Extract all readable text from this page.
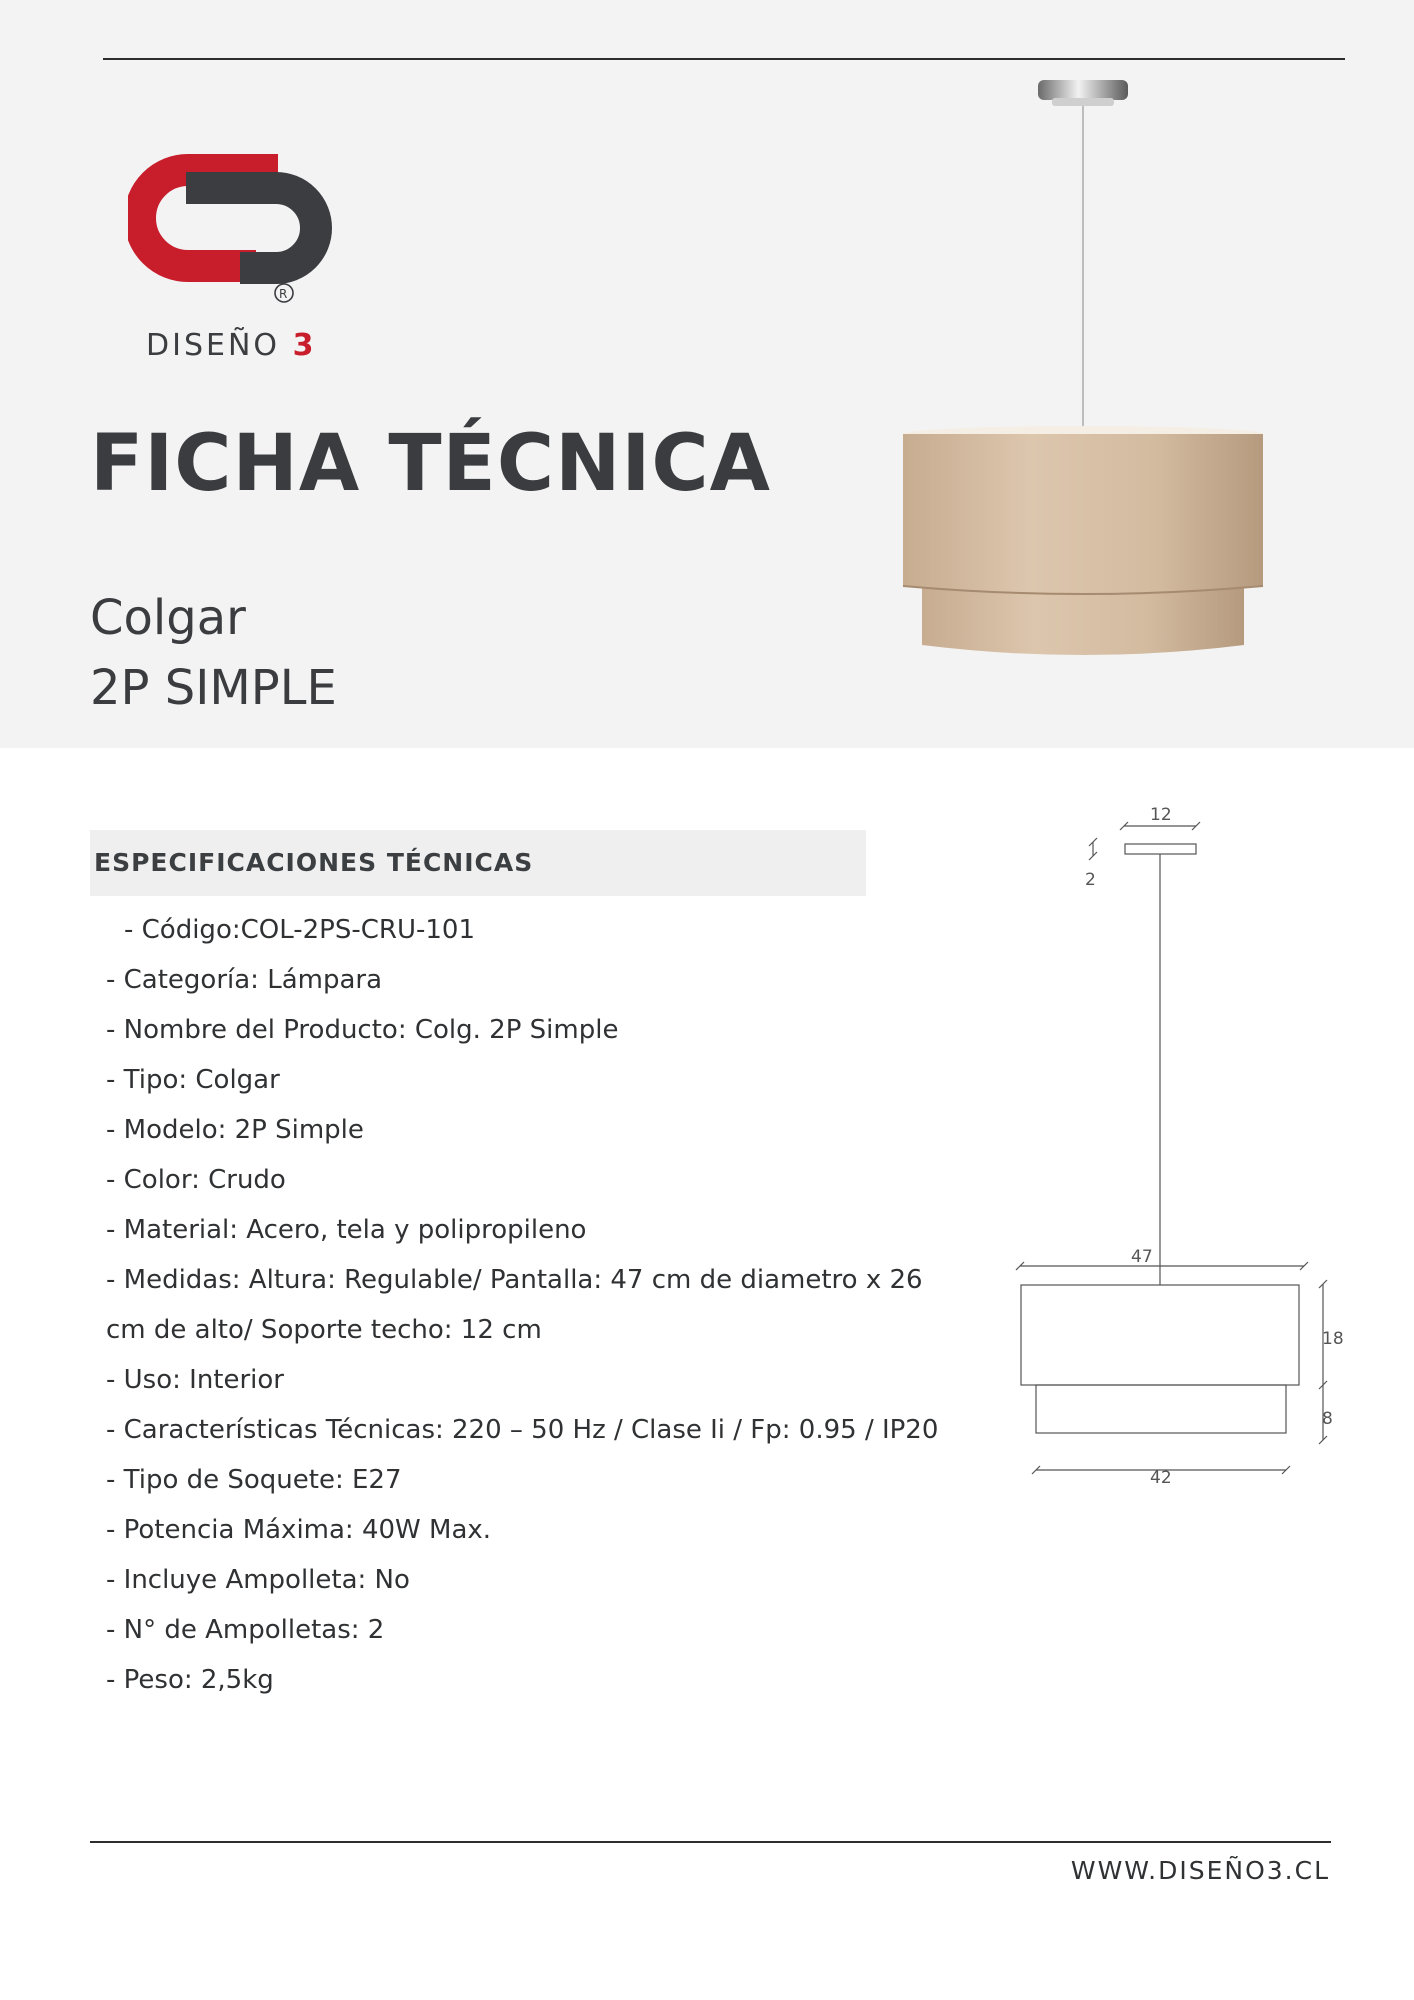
R
DISEÑO 3
FICHA TÉCNICA
Colgar
2P SIMPLE
ESPECIFICACIONES TÉCNICAS
- Código:COL-2PS-CRU-101
- Categoría: Lámpara
- Nombre del Producto: Colg. 2P Simple
- Tipo: Colgar
- Modelo: 2P Simple
- Color: Crudo
- Material: Acero, tela y polipropileno
- Medidas: Altura: Regulable/ Pantalla: 47 cm de diametro x 26 cm de alto/ Soporte techo: 12 cm
- Uso: Interior
- Características Técnicas: 220 – 50 Hz / Clase Ii / Fp: 0.95 / IP20
- Tipo de Soquete: E27
- Potencia Máxima: 40W Max.
- Incluye Ampolleta: No
- N° de Ampolletas: 2
- Peso: 2,5kg
12
2
47
18
8
42
WWW.DISEÑO3.CL
